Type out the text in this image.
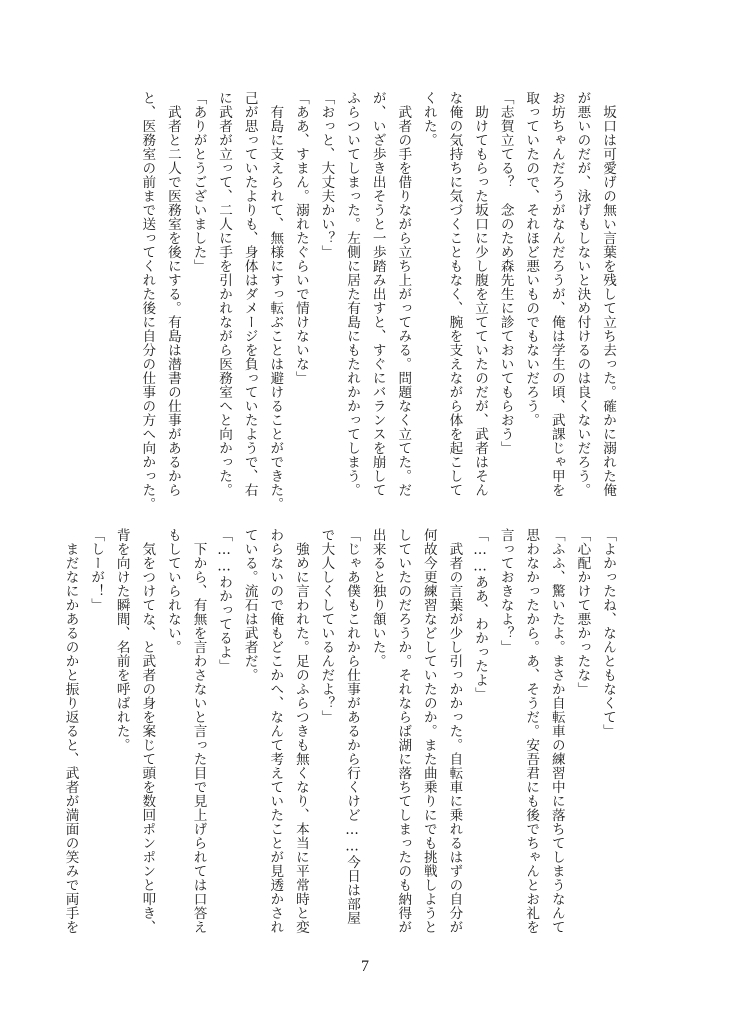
　坂口は可愛げの無い言葉を残して立ち去った。確かに溺れた俺
が悪いのだが、泳げもしないと決め付けるのは良くないだろう。
お坊ちゃんだろうがなんだろうが、俺は学生の頃、武課じゃ甲を
取っていたので、それほど悪いものでもないだろう。
「志賀立てる？　念のため森先生に診ておいてもらおう」
　助けてもらった坂口に少し腹を立てていたのだが、武者はそん
な俺の気持ちに気づくこともなく、腕を支えながら体を起こして
くれた。
　武者の手を借りながら立ち上がってみる。問題なく立てた。だ
が、いざ歩き出そうと一歩踏み出すと、すぐにバランスを崩して
ふらついてしまった。左側に居た有島にもたれかかってしまう。
「おっと、大丈夫かい？」
「ああ、すまん。溺れたぐらいで情けないな」
　有島に支えられて、無様にすっ転ぶことは避けることができた。
己が思っていたよりも、身体はダメージを負っていたようで、右
に武者が立って、二人に手を引かれながら医務室へと向かった。
「ありがとうございました」
　武者と二人で医務室を後にする。有島は潜書の仕事があるから
と、医務室の前まで送ってくれた後に自分の仕事の方へ向かった。
「よかったね、なんともなくて」
「心配かけて悪かったな」
「ふふ、驚いたよ。まさか自転車の練習中に落ちてしまうなんて
思わなかったから。あ、そうだ。安吾君にも後でちゃんとお礼を
言っておきなよ？」
「……ああ、わかったよ」
　武者の言葉が少し引っかかった。自転車に乗れるはずの自分が
何故今更練習などしていたのか。また曲乗りにでも挑戦しようと
していたのだろうか。それならば湖に落ちてしまったのも納得が
出来ると独り頷いた。
「じゃあ僕もこれから仕事があるから行くけど……今日は部屋
で大人しくしているんだよ？」
　強めに言われた。足のふらつきも無くなり、本当に平常時と変
わらないので俺もどこかへ、なんて考えていたことが見透かされ
ている。流石は武者だ。
「……わかってるよ」
　下から、有無を言わさないと言った目で見上げられては口答え
もしていられない。
　気をつけてな、と武者の身を案じて頭を数回ポンポンと叩き、
背を向けた瞬間、名前を呼ばれた。
「しーが！」
　まだなにかあるのかと振り返ると、武者が満面の笑みで両手を
7
